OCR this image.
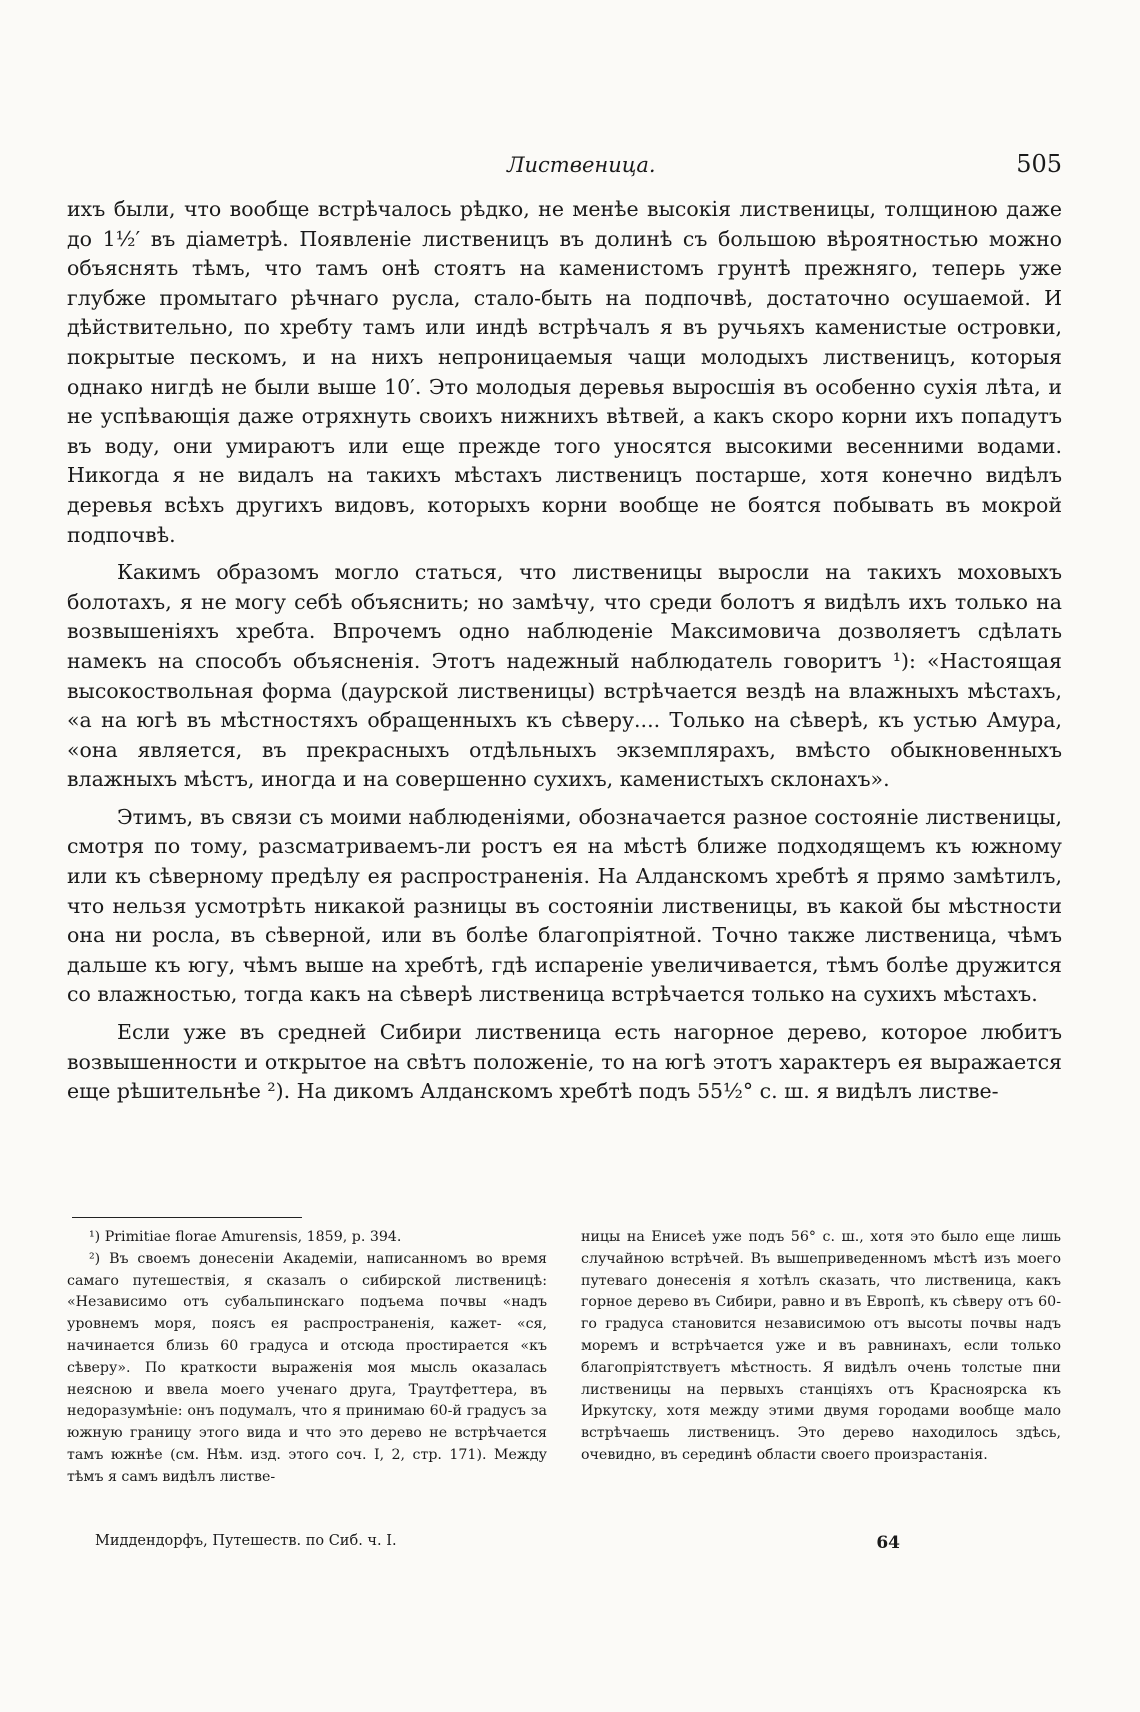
Лиственица.	505

ихъ были, что вообще встрѣчалось рѣдко, не менѣе высокія лиственицы, толщиною даже до 1½′ въ діаметрѣ. Появленіе лиственицъ въ долинѣ съ большою вѣроятностью можно объяснять тѣмъ, что тамъ онѣ стоятъ на каменистомъ грунтѣ прежняго, теперь уже глубже промытаго рѣчнаго русла, стало-быть на подпочвѣ, достаточно осушаемой. И дѣйствительно, по хребту тамъ или индѣ встрѣчалъ я въ ручьяхъ каменистые островки, покрытые пескомъ, и на нихъ непроницаемыя чащи молодыхъ лиственицъ, которыя однако нигдѣ не были выше 10′. Это молодыя деревья выросшія въ особенно сухія лѣта, и не успѣвающія даже отряхнуть своихъ нижнихъ вѣтвей, а какъ скоро корни ихъ попадутъ въ воду, они умираютъ или еще прежде того уносятся высокими весенними водами. Никогда я не видалъ на такихъ мѣстахъ лиственицъ постарше, хотя конечно видѣлъ деревья всѣхъ другихъ видовъ, которыхъ корни вообще не боятся побывать въ мокрой подпочвѣ.

Какимъ образомъ могло статься, что лиственицы выросли на такихъ моховыхъ болотахъ, я не могу себѣ объяснить; но замѣчу, что среди болотъ я видѣлъ ихъ только на возвышеніяхъ хребта. Впрочемъ одно наблюденіе Максимовича дозволяетъ сдѣлать намекъ на способъ объясненія. Этотъ надежный наблюдатель говоритъ ¹): «Настоящая высокоствольная форма (даурской лиственицы) встрѣчается вездѣ на влажныхъ мѣстахъ, «а на югѣ въ мѣстностяхъ обращенныхъ къ сѣверу.... Только на сѣверѣ, къ устью Амура, «она является, въ прекрасныхъ отдѣльныхъ экземплярахъ, вмѣсто обыкновенныхъ влажныхъ мѣстъ, иногда и на совершенно сухихъ, каменистыхъ склонахъ».

Этимъ, въ связи съ моими наблюденіями, обозначается разное состояніе лиственицы, смотря по тому, разсматриваемъ-ли ростъ ея на мѣстѣ ближе подходящемъ къ южному или къ сѣверному предѣлу ея распространенія. На Алданскомъ хребтѣ я прямо замѣтилъ, что нельзя усмотрѣть никакой разницы въ состояніи лиственицы, въ какой бы мѣстности она ни росла, въ сѣверной, или въ болѣе благопріятной. Точно также лиственица, чѣмъ дальше къ югу, чѣмъ выше на хребтѣ, гдѣ испареніе увеличивается, тѣмъ болѣе дружится со влажностью, тогда какъ на сѣверѣ лиственица встрѣчается только на сухихъ мѣстахъ.

Если уже въ средней Сибири лиственица есть нагорное дерево, которое любитъ возвышенности и открытое на свѣтъ положеніе, то на югѣ этотъ характеръ ея выражается еще рѣшительнѣе ²). На дикомъ Алданскомъ хребтѣ подъ 55½° с. ш. я видѣлъ листве-

¹) Primitiae florae Amurensis, 1859, p. 394.

²) Въ своемъ донесеніи Академіи, написанномъ во время самаго путешествія, я сказалъ о сибирской лиственицѣ: «Независимо отъ субальпинскаго подъема почвы «надъ уровнемъ моря, поясъ ея распространенія, кажет- «ся, начинается близь 60 градуса и отсюда простирается «къ сѣверу». По краткости выраженія моя мысль оказалась неясною и ввела моего ученаго друга, Траутфеттера, въ недоразумѣніе: онъ подумалъ, что я принимаю 60-й градусъ за южную границу этого вида и что это дерево не встрѣчается тамъ южнѣе (см. Нѣм. изд. этого соч. I, 2, стр. 171). Между тѣмъ я самъ видѣлъ листве-

ницы на Енисеѣ уже подъ 56° с. ш., хотя это было еще лишь случайною встрѣчей. Въ вышеприведенномъ мѣстѣ изъ моего путеваго донесенія я хотѣлъ сказать, что лиственица, какъ горное дерево въ Сибири, равно и въ Европѣ, къ сѣверу отъ 60-го градуса становится независимою отъ высоты почвы надъ моремъ и встрѣчается уже и въ равнинахъ, если только благопріятствуетъ мѣстность. Я видѣлъ очень толстые пни лиственицы на первыхъ станціяхъ отъ Красноярска къ Иркутску, хотя между этими двумя городами вообще мало встрѣчаешь лиственицъ. Это дерево находилось здѣсь, очевидно, въ серединѣ области своего произрастанія.

Миддендорфъ, Путешеств. по Сиб. ч. I.	64
